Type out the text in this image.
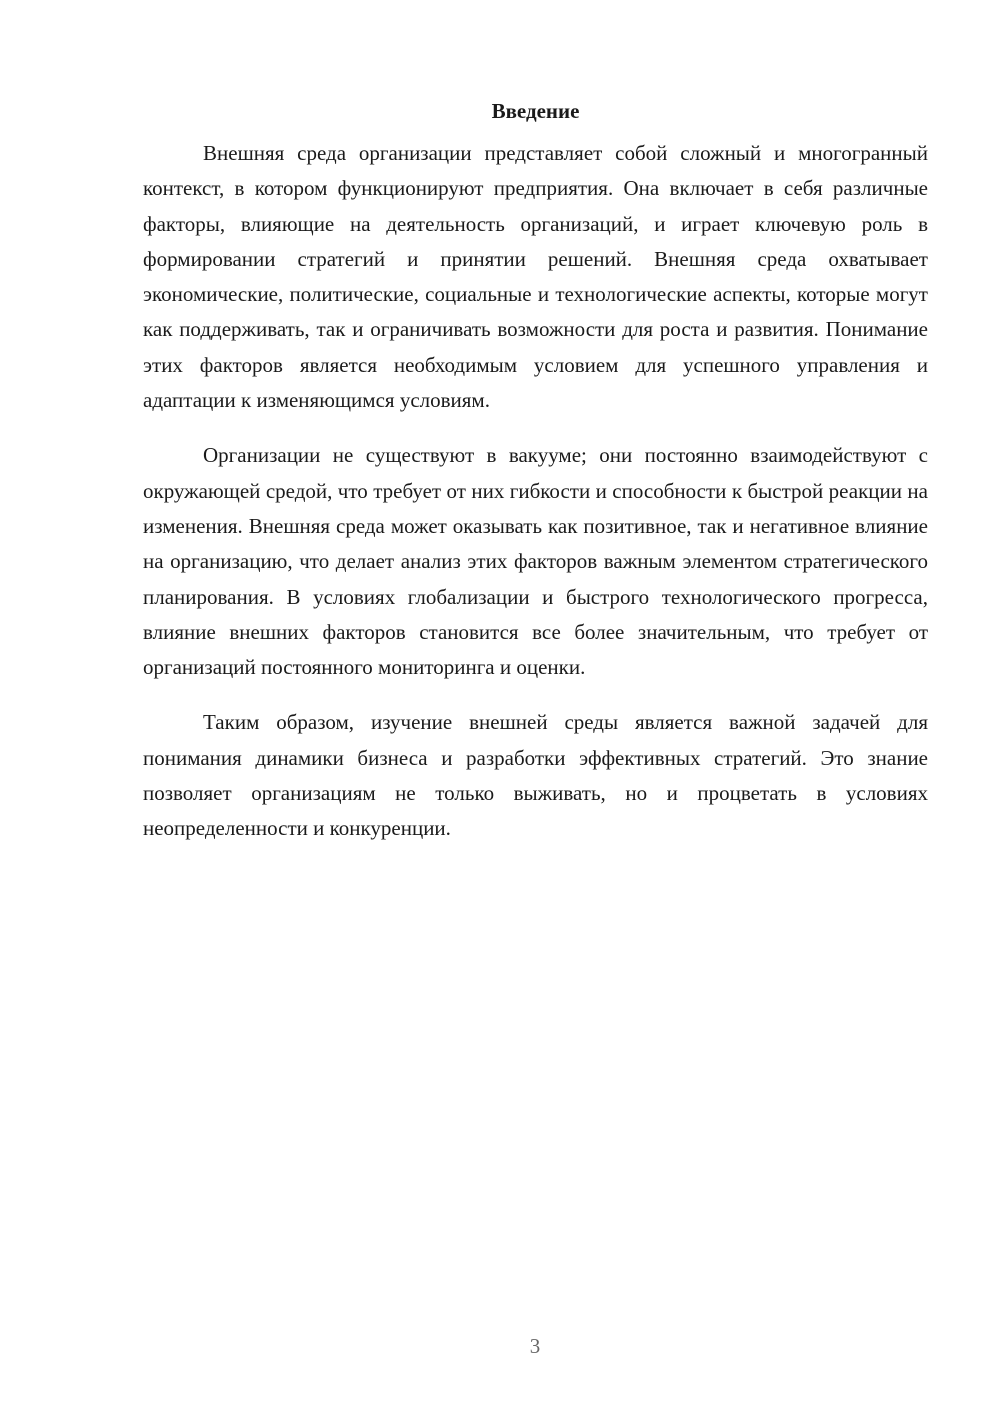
Введение

Внешняя среда организации представляет собой сложный и многогранный контекст, в котором функционируют предприятия. Она включает в себя различные факторы, влияющие на деятельность организаций, и играет ключевую роль в формировании стратегий и принятии решений. Внешняя среда охватывает экономические, политические, социальные и технологические аспекты, которые могут как поддерживать, так и ограничивать возможности для роста и развития. Понимание этих факторов является необходимым условием для успешного управления и адаптации к изменяющимся условиям.

Организации не существуют в вакууме; они постоянно взаимодействуют с окружающей средой, что требует от них гибкости и способности к быстрой реакции на изменения. Внешняя среда может оказывать как позитивное, так и негативное влияние на организацию, что делает анализ этих факторов важным элементом стратегического планирования. В условиях глобализации и быстрого технологического прогресса, влияние внешних факторов становится все более значительным, что требует от организаций постоянного мониторинга и оценки.

Таким образом, изучение внешней среды является важной задачей для понимания динамики бизнеса и разработки эффективных стратегий. Это знание позволяет организациям не только выживать, но и процветать в условиях неопределенности и конкуренции.

3
